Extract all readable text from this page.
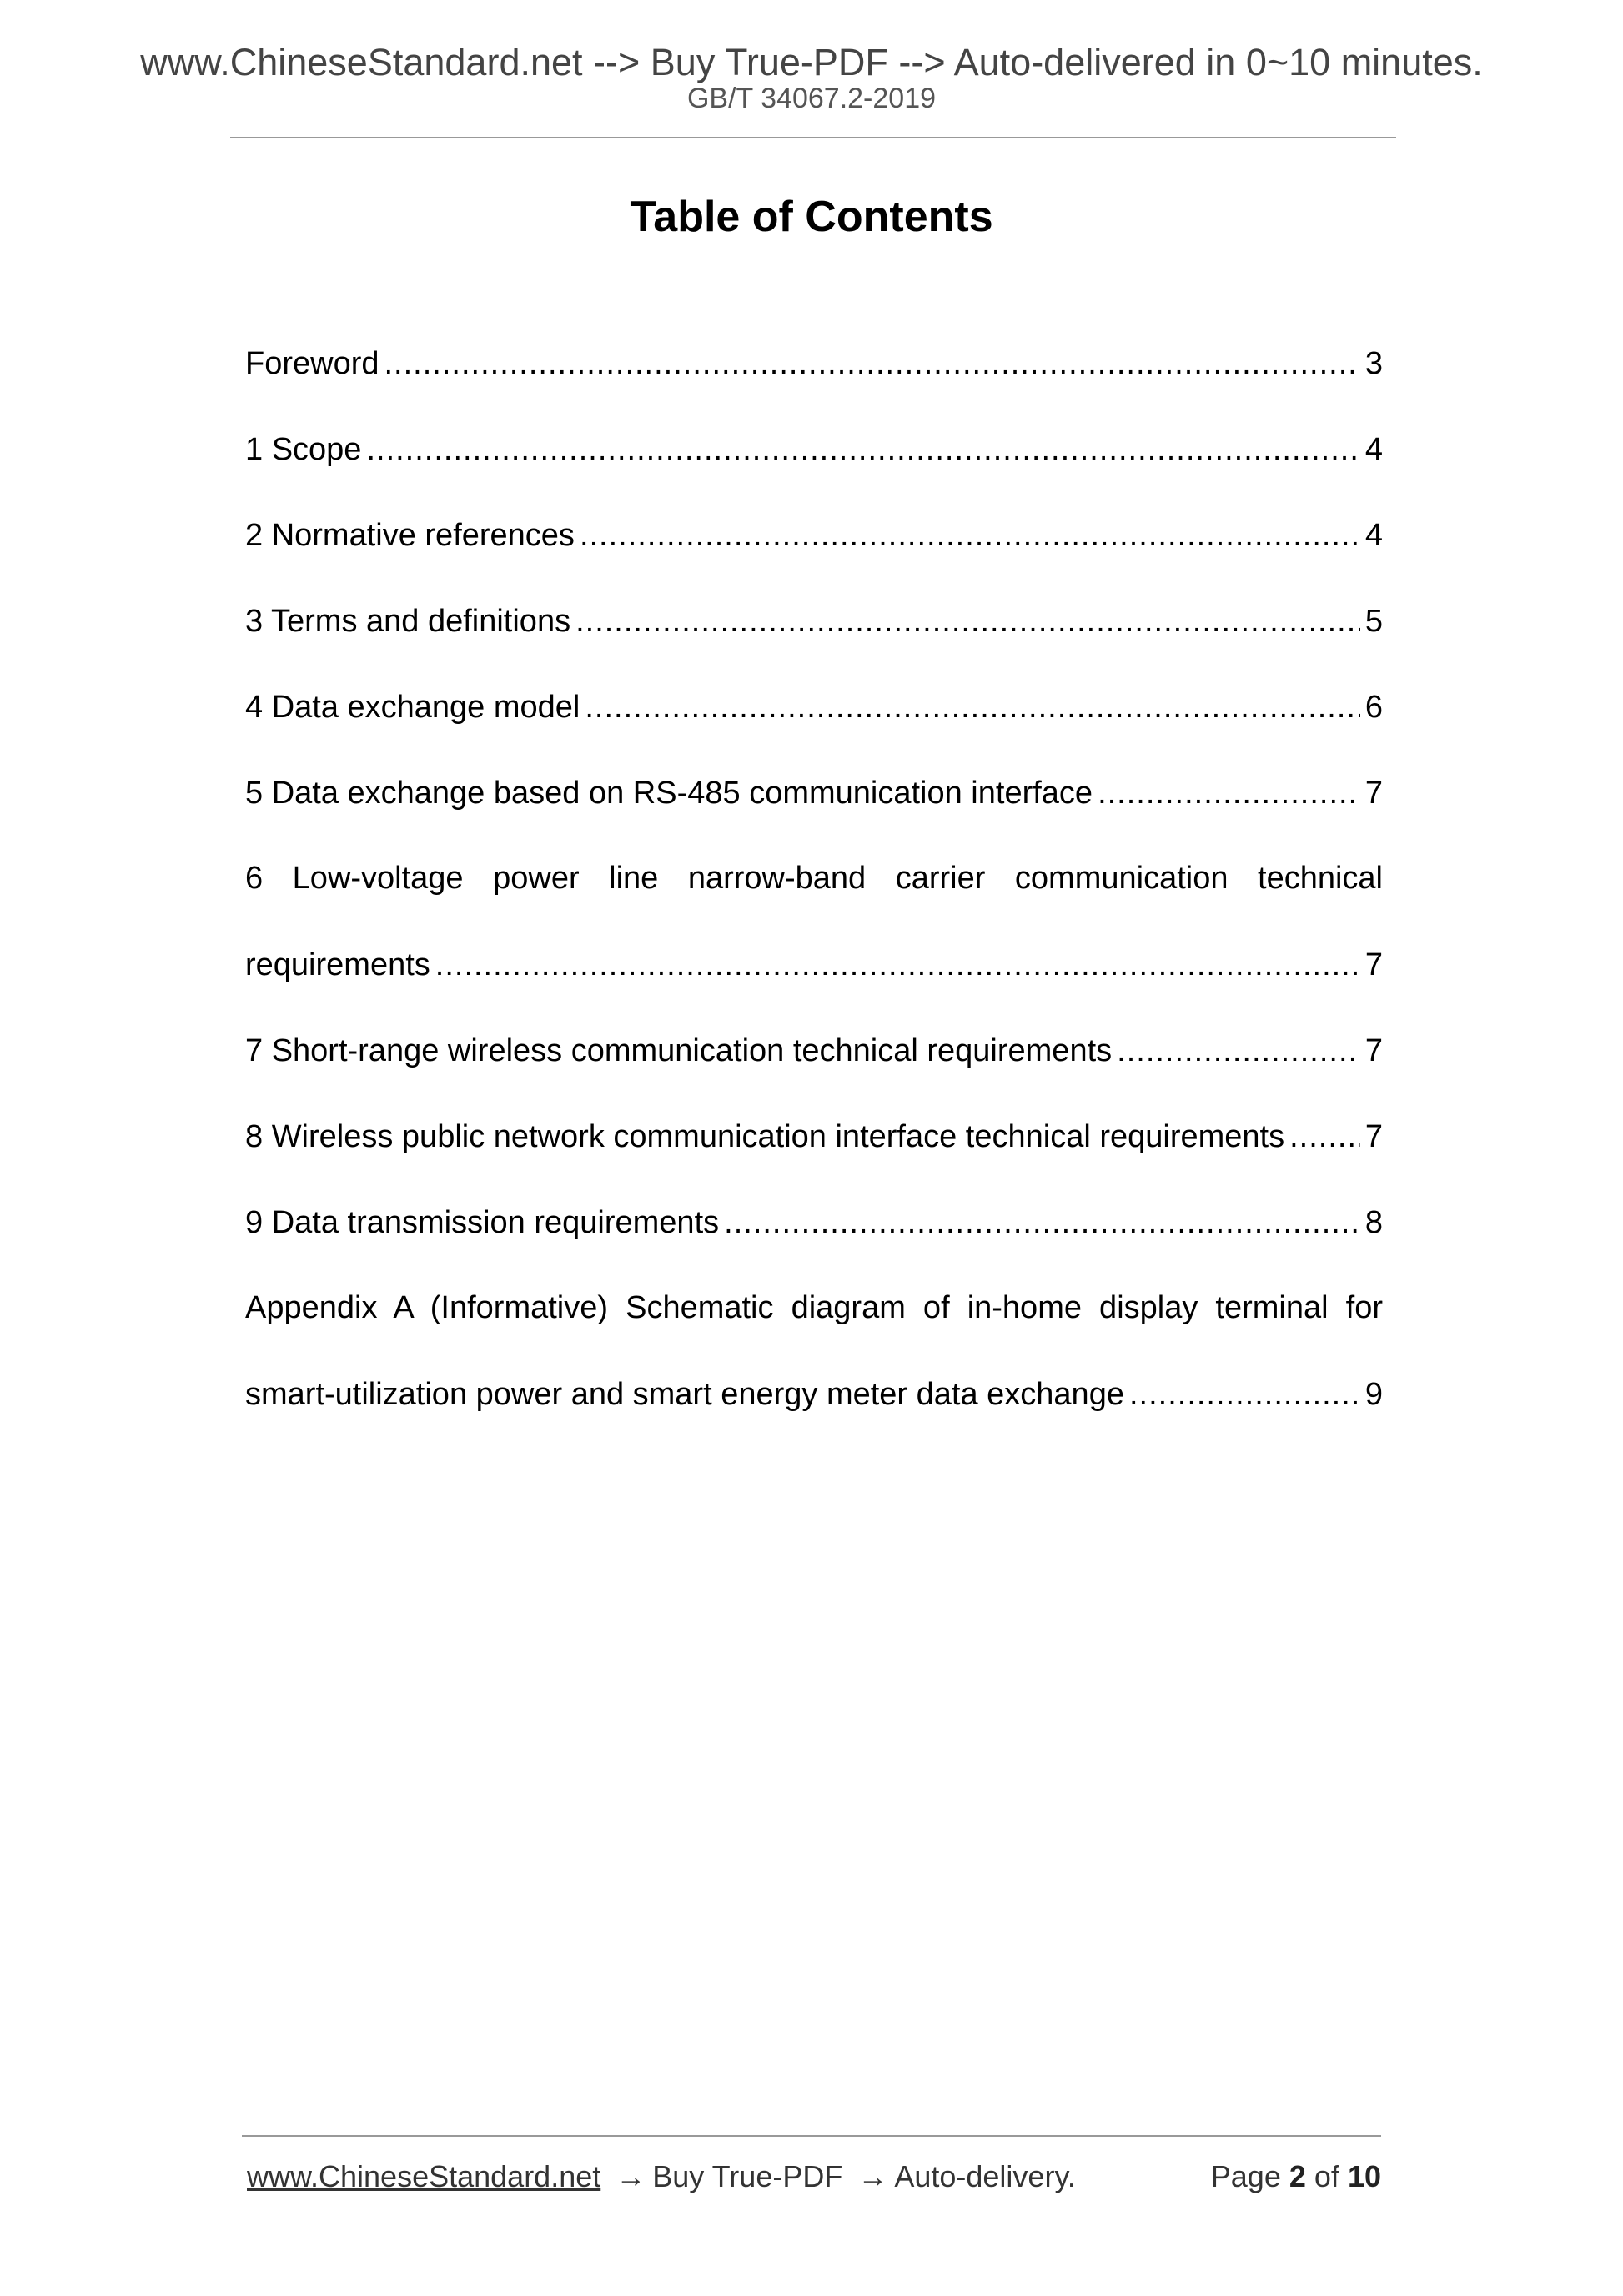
www.ChineseStandard.net --> Buy True-PDF --> Auto-delivered in 0~10 minutes.
GB/T 34067.2-2019
Table of Contents
Foreword .....	3
1 Scope .....	4
2 Normative references .....	4
3 Terms and definitions .....	5
4 Data exchange model .....	6
5 Data exchange based on RS-485 communication interface .....	7
6 Low-voltage power line narrow-band carrier communication technical
requirements .....	7
7 Short-range wireless communication technical requirements .....	7
8 Wireless public network communication interface technical requirements .....	7
9 Data transmission requirements .....	8
Appendix A (Informative) Schematic diagram of in-home display terminal for
smart-utilization power and smart energy meter data exchange .....	9
www.ChineseStandard.net → Buy True-PDF → Auto-delivery.	Page 2 of 10
